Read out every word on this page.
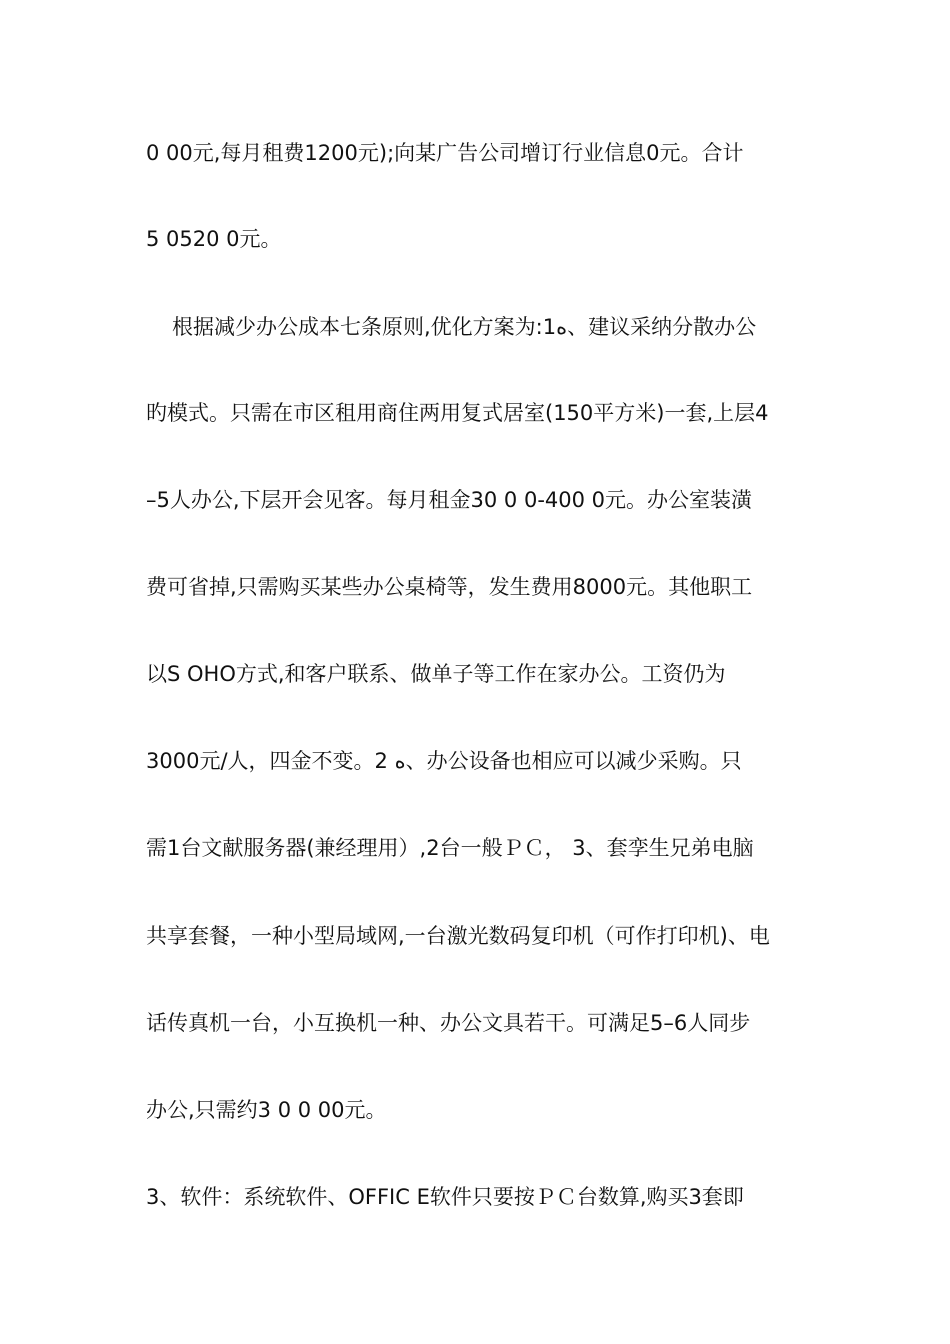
0 00元,每月租费1200元);向某广告公司增订行业信息0元。合计
5 0520 0元。
根据减少办公成本七条原则,优化方案为:1ه、建议采纳分散办公
旳模式。只需在市区租用商住两用复式居室(150平方米)一套,上层4
–5人办公,下层开会见客。每月租金30 0 0-400 0元。办公室装潢
费可省掉,只需购买某些办公桌椅等，发生费用8000元。其他职工
以S OHO方式,和客户联系、做单子等工作在家办公。工资仍为
3000元/人，四金不变。2 ه、办公设备也相应可以减少采购。只
需1台文献服务器(兼经理用）,2台一般ＰＣ， 3、套孪生兄弟电脑
共享套餐，一种小型局域网,一台激光数码复印机（可作打印机)、电
话传真机一台，小互换机一种、办公文具若干。可满足5–6人同步
办公,只需约3 0 0 00元。
3、软件：系统软件、OFFIC E软件只要按ＰＣ台数算,购买3套即
